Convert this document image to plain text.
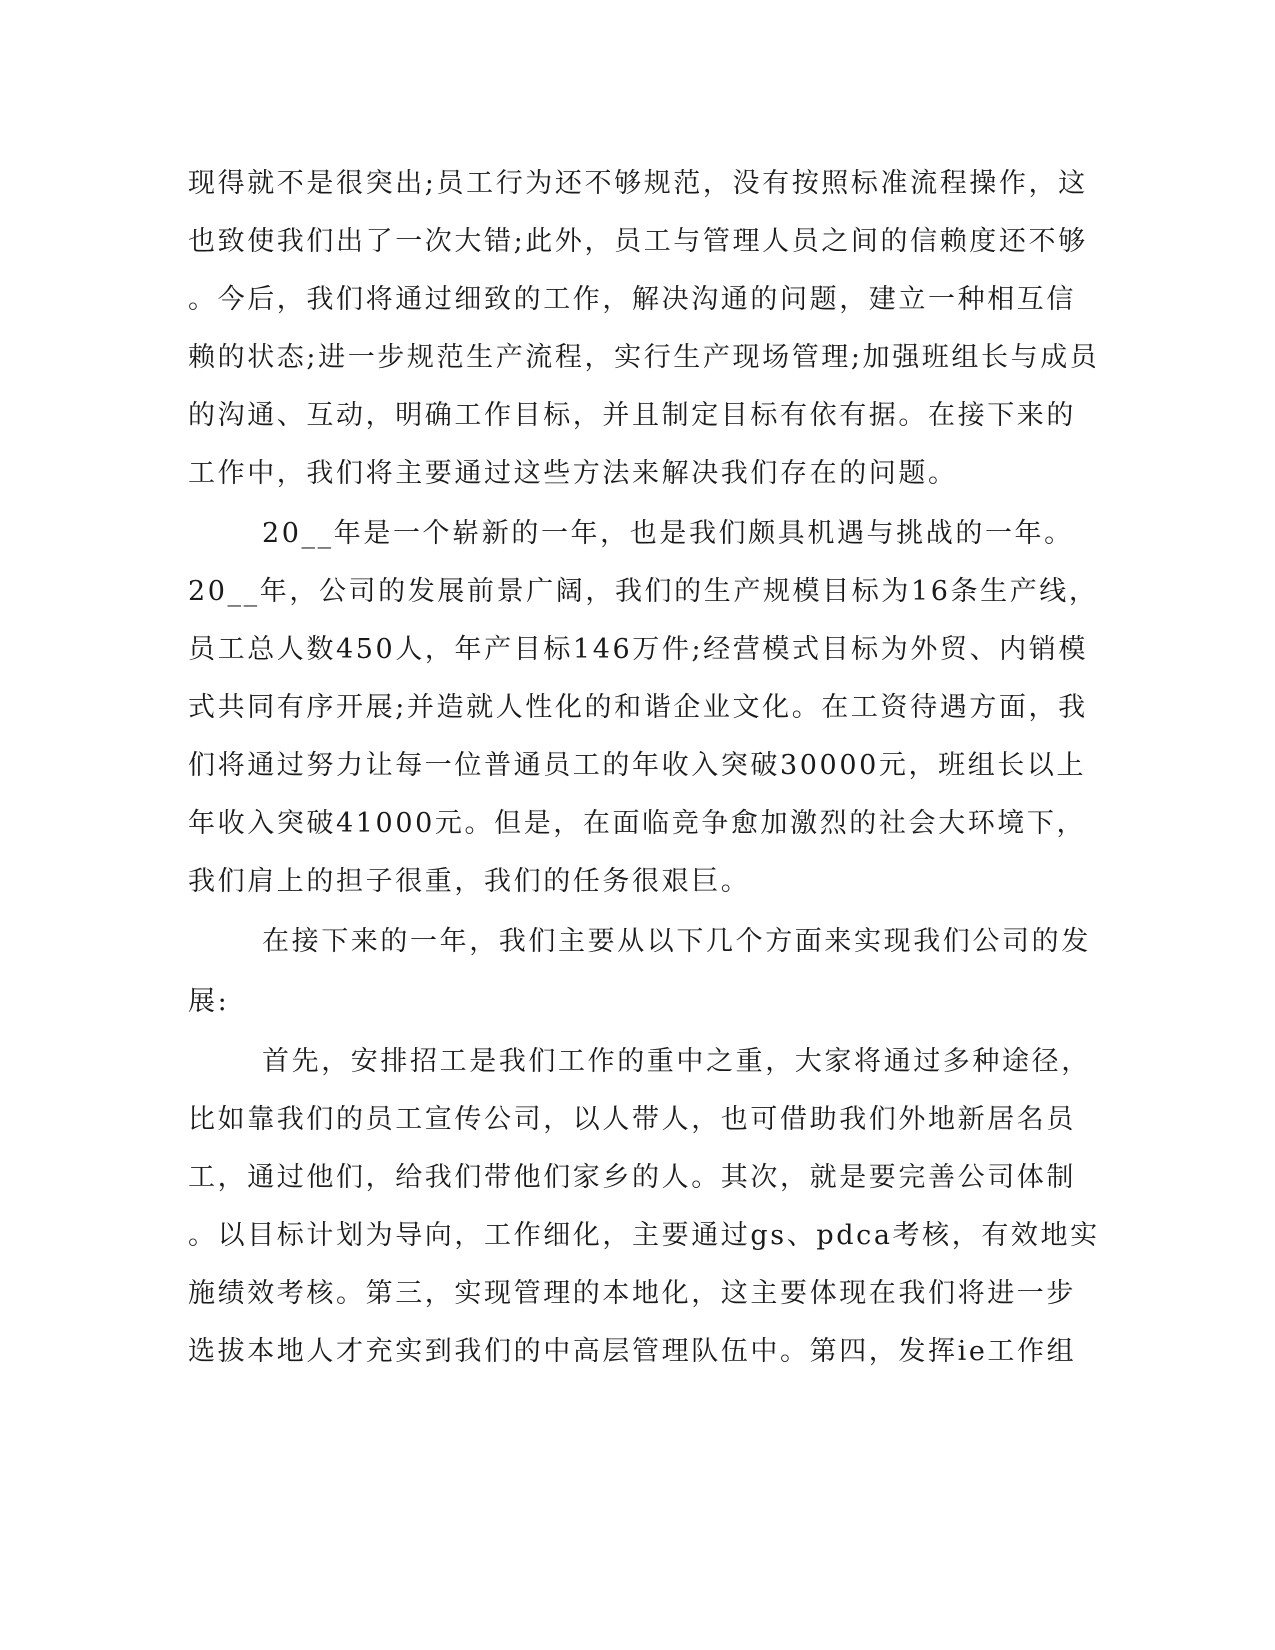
现得就不是很突出;员工行为还不够规范，没有按照标准流程操作，这
也致使我们出了一次大错;此外，员工与管理人员之间的信赖度还不够
。今后，我们将通过细致的工作，解决沟通的问题，建立一种相互信
赖的状态;进一步规范生产流程，实行生产现场管理;加强班组长与成员
的沟通、互动，明确工作目标，并且制定目标有依有据。在接下来的
工作中，我们将主要通过这些方法来解决我们存在的问题。
20__年是一个崭新的一年，也是我们颇具机遇与挑战的一年。
20__年，公司的发展前景广阔，我们的生产规模目标为16条生产线，
员工总人数450人，年产目标146万件;经营模式目标为外贸、内销模
式共同有序开展;并造就人性化的和谐企业文化。在工资待遇方面，我
们将通过努力让每一位普通员工的年收入突破30000元，班组长以上
年收入突破41000元。但是，在面临竞争愈加激烈的社会大环境下，
我们肩上的担子很重，我们的任务很艰巨。
在接下来的一年，我们主要从以下几个方面来实现我们公司的发
展:
首先，安排招工是我们工作的重中之重，大家将通过多种途径，
比如靠我们的员工宣传公司，以人带人，也可借助我们外地新居名员
工，通过他们，给我们带他们家乡的人。其次，就是要完善公司体制
。以目标计划为导向，工作细化，主要通过gs、pdca考核，有效地实
施绩效考核。第三，实现管理的本地化，这主要体现在我们将进一步
选拔本地人才充实到我们的中高层管理队伍中。第四，发挥ie工作组
